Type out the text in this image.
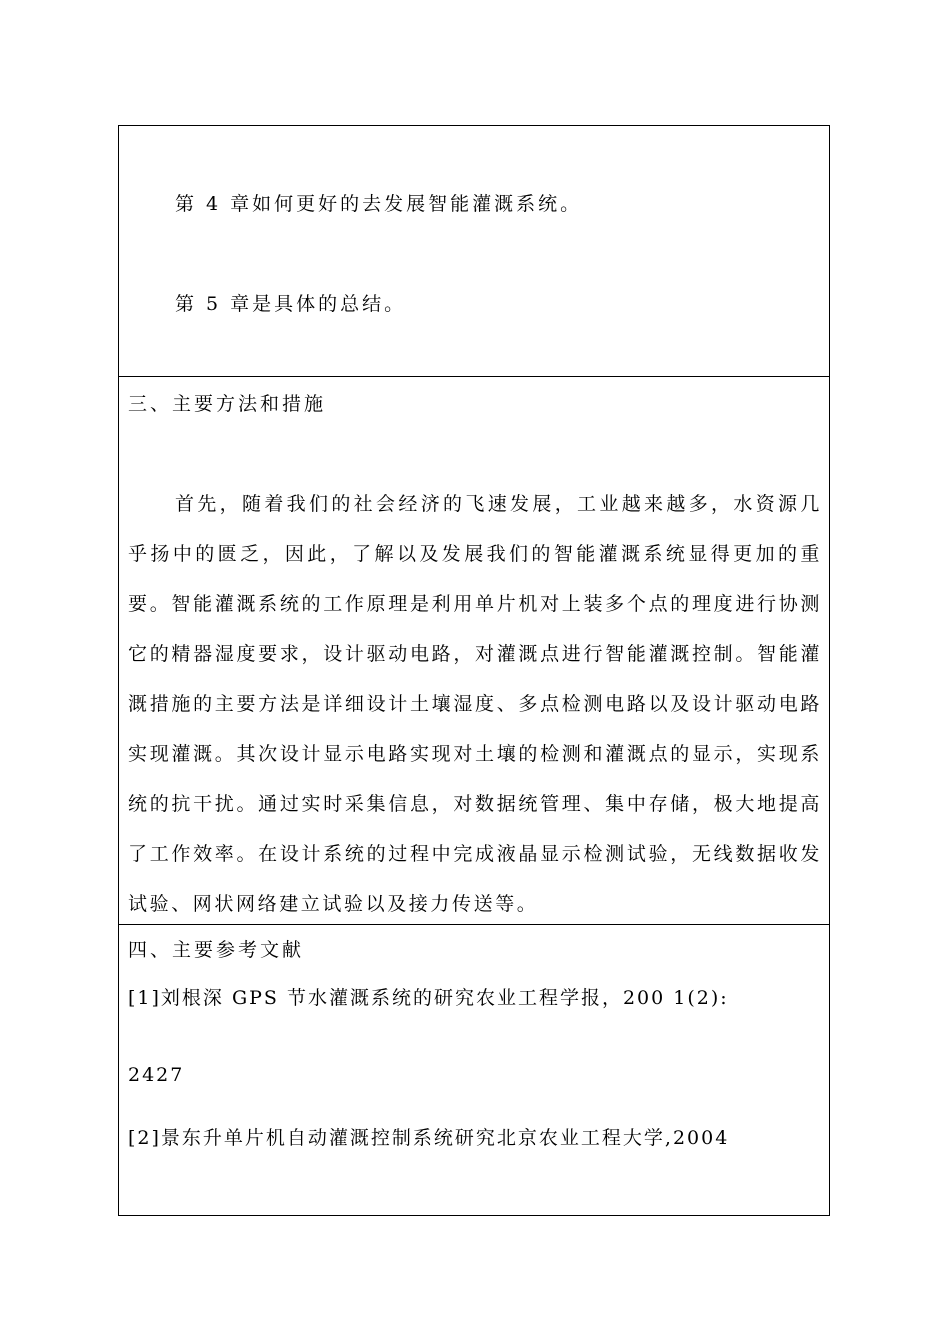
第 4 章如何更好的去发展智能灌溉系统。
第 5 章是具体的总结。
三、主要方法和措施
首先，随着我们的社会经济的飞速发展，工业越来越多，水资源几乎扬中的匮乏，因此，了解以及发展我们的智能灌溉系统显得更加的重要。智能灌溉系统的工作原理是利用单片机对上装多个点的理度进行协测它的精器湿度要求，设计驱动电路，对灌溉点进行智能灌溉控制。智能灌溉措施的主要方法是详细设计土壤湿度、多点检测电路以及设计驱动电路实现灌溉。其次设计显示电路实现对土壤的检测和灌溉点的显示，实现系统的抗干扰。通过实时采集信息，对数据统管理、集中存储，极大地提高了工作效率。在设计系统的过程中完成液晶显示检测试验，无线数据收发试验、网状网络建立试验以及接力传送等。
四、主要参考文献
[1]刘根深 GPS 节水灌溉系统的研究农业工程学报，200 1(2):
2427
[2]景东升单片机自动灌溉控制系统研究北京农业工程大学,2004
